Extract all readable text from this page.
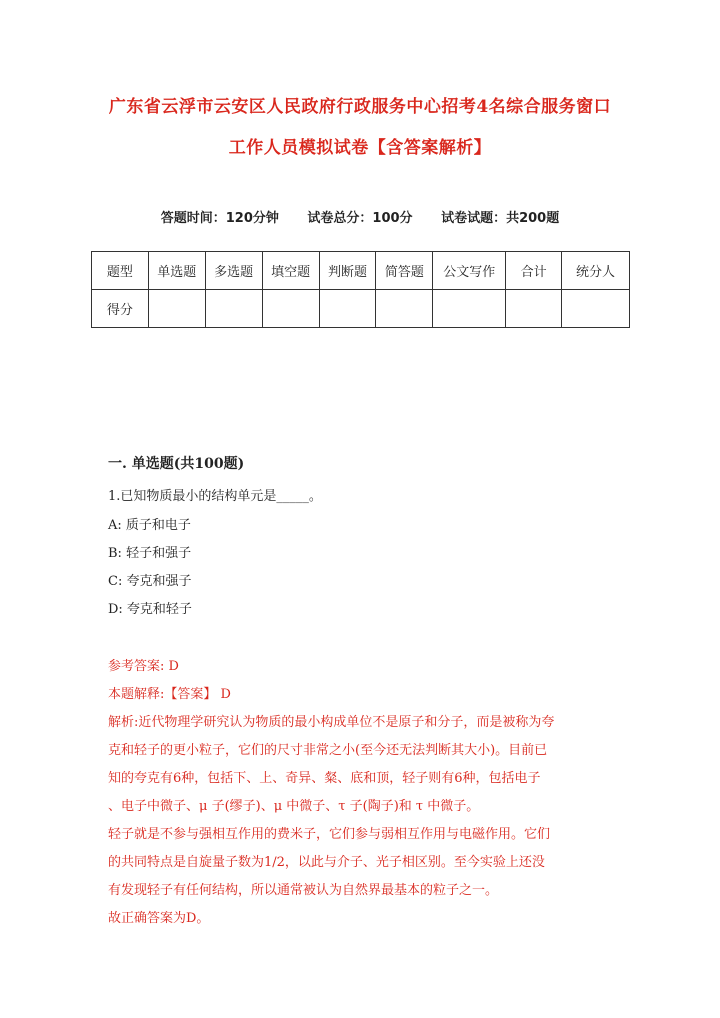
广东省云浮市云安区人民政府行政服务中心招考4名综合服务窗口
工作人员模拟试卷【含答案解析】
答题时间：120分钟 试卷总分：100分 试卷试题：共200题
题型	单选题	多选题	填空题	判断题	简答题	公文写作	合计	统分人
得分								
一. 单选题(共100题)
1.已知物质最小的结构单元是_____。
A: 质子和电子
B: 轻子和强子
C: 夸克和强子
D: 夸克和轻子
参考答案: D
本题解释:【答案】 D
解析:近代物理学研究认为物质的最小构成单位不是原子和分子，而是被称为夸
克和轻子的更小粒子，它们的尺寸非常之小(至今还无法判断其大小)。目前已
知的夸克有6种，包括下、上、奇异、粲、底和顶，轻子则有6种，包括电子
、电子中微子、μ 子(缪子)、μ 中微子、τ 子(陶子)和 τ 中微子。
轻子就是不参与强相互作用的费米子，它们参与弱相互作用与电磁作用。它们
的共同特点是自旋量子数为1/2，以此与介子、光子相区别。至今实验上还没
有发现轻子有任何结构，所以通常被认为自然界最基本的粒子之一。
故正确答案为D。
